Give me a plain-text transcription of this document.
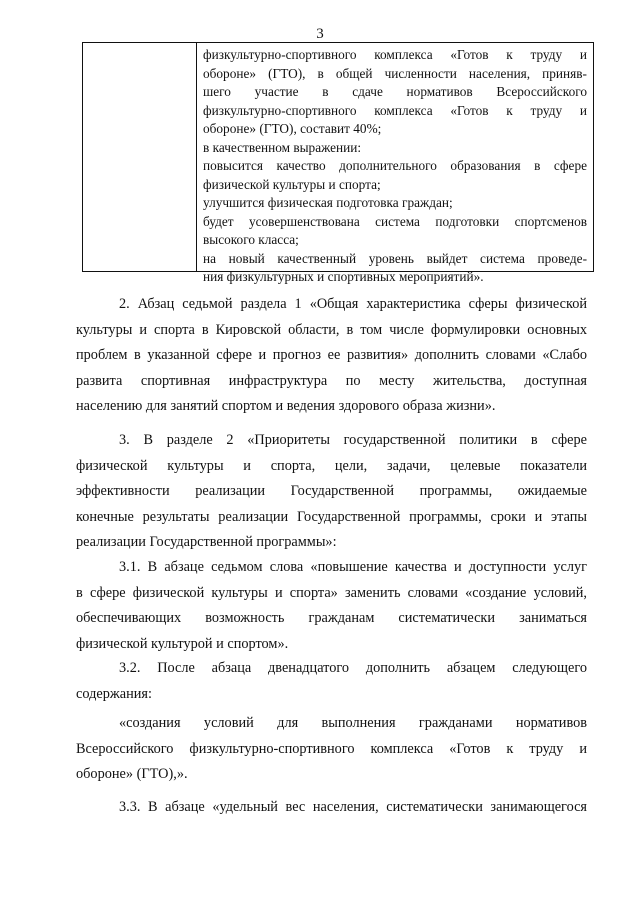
3
физкультурно-спортивного комплекса «Готов к труду и
обороне» (ГТО), в общей численности населения, приняв-
шего участие в сдаче нормативов Всероссийского
физкультурно-спортивного комплекса «Готов к труду и
обороне» (ГТО), составит 40%;
в качественном выражении:
повысится качество дополнительного образования в сфере
физической культуры и спорта;
улучшится физическая подготовка граждан;
будет усовершенствована система подготовки спортсменов
высокого класса;
на новый качественный уровень выйдет система проведе-
ния физкультурных и спортивных мероприятий».
2. Абзац седьмой раздела 1 «Общая характеристика сферы физической
культуры и спорта в Кировской области, в том числе формулировки основных
проблем в указанной сфере и прогноз ее развития» дополнить словами «Слабо
развита спортивная инфраструктура по месту жительства, доступная
населению для занятий спортом и ведения здорового образа жизни».
3. В разделе 2 «Приоритеты государственной политики в сфере
физической культуры и спорта, цели, задачи, целевые показатели
эффективности реализации Государственной программы, ожидаемые
конечные результаты реализации Государственной программы, сроки и этапы
реализации Государственной программы»:
3.1. В абзаце седьмом слова «повышение качества и доступности услуг
в сфере физической культуры и спорта» заменить словами «создание условий,
обеспечивающих возможность гражданам систематически заниматься
физической культурой и спортом».
3.2. После абзаца двенадцатого дополнить абзацем следующего
содержания:
«создания условий для выполнения гражданами нормативов
Всероссийского физкультурно-спортивного комплекса «Готов к труду и
обороне» (ГТО),».
3.3. В абзаце «удельный вес населения, систематически занимающегося
